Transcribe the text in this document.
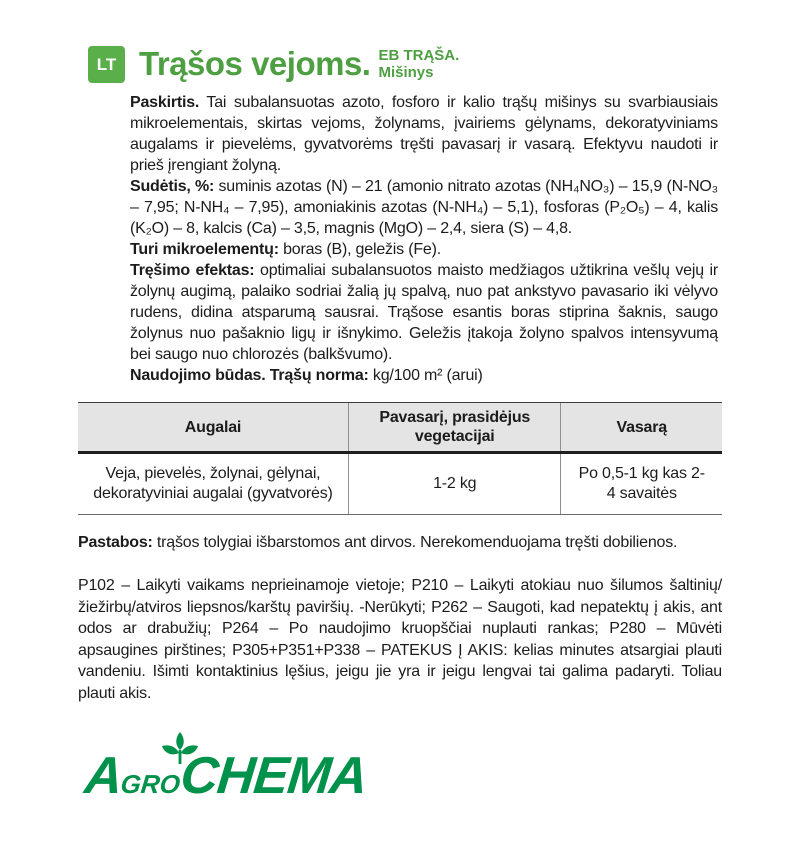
LT Trąšos vejoms. EB TRĄŠA.
Mišinys

Paskirtis. Tai subalansuotas azoto, fosforo ir kalio trąšų mišinys su svarbiausiais mikroelementais, skirtas vejoms, žolynams, įvairiems gėlynams, dekoratyviniams augalams ir pievelėms, gyvatvorėms tręšti pavasarį ir vasarą. Efektyvu naudoti ir prieš įrengiant žolyną.

Sudėtis, %: suminis azotas (N) – 21 (amonio nitrato azotas (NH₄NO₃) – 15,9 (N-NO₃ – 7,95; N-NH₄ – 7,95), amoniakinis azotas (N-NH₄) – 5,1), fosforas (P₂O₅) – 4, kalis (K₂O) – 8, kalcis (Ca) – 3,5, magnis (MgO) – 2,4, siera (S) – 4,8.

Turi mikroelementų: boras (B), geležis (Fe).

Tręšimo efektas: optimaliai subalansuotos maisto medžiagos užtikrina vešlų vejų ir žolynų augimą, palaiko sodriai žalią jų spalvą, nuo pat ankstyvo pavasario iki vėlyvo rudens, didina atsparumą sausrai. Trąšose esantis boras stiprina šaknis, saugo žolynus nuo pašaknio ligų ir išnykimo. Geležis įtakoja žolyno spalvos intensyvumą bei saugo nuo chlorozės (balkšvumo).

Naudojimo būdas. Trąšų norma: kg/100 m² (arui)

Augalai	Pavasarį, prasidėjus vegetacijai	Vasarą
Veja, pievelės, žolynai, gėlynai, dekoratyviniai augalai (gyvatvorės)	1-2 kg	Po 0,5-1 kg kas 2-4 savaitės
Pastabos: trąšos tolygiai išbarstomos ant dirvos. Nerekomenduojama tręšti dobilienos.
P102 – Laikyti vaikams neprieinamoje vietoje; P210 – Laikyti atokiau nuo šilumos šaltinių/žiežirbų/atviros liepsnos/karštų paviršių. -Nerūkyti; P262 – Saugoti, kad nepatektų į akis, ant odos ar drabužių; P264 – Po naudojimo kruopščiai nuplauti rankas; P280 – Mūvėti apsaugines pirštines; P305+P351+P338 – PATEKUS Į AKIS: kelias minutes atsargiai plauti vandeniu. Išimti kontaktinius lęšius, jeigu jie yra ir jeigu lengvai tai galima padaryti. Toliau plauti akis.
AGROCHEMA
